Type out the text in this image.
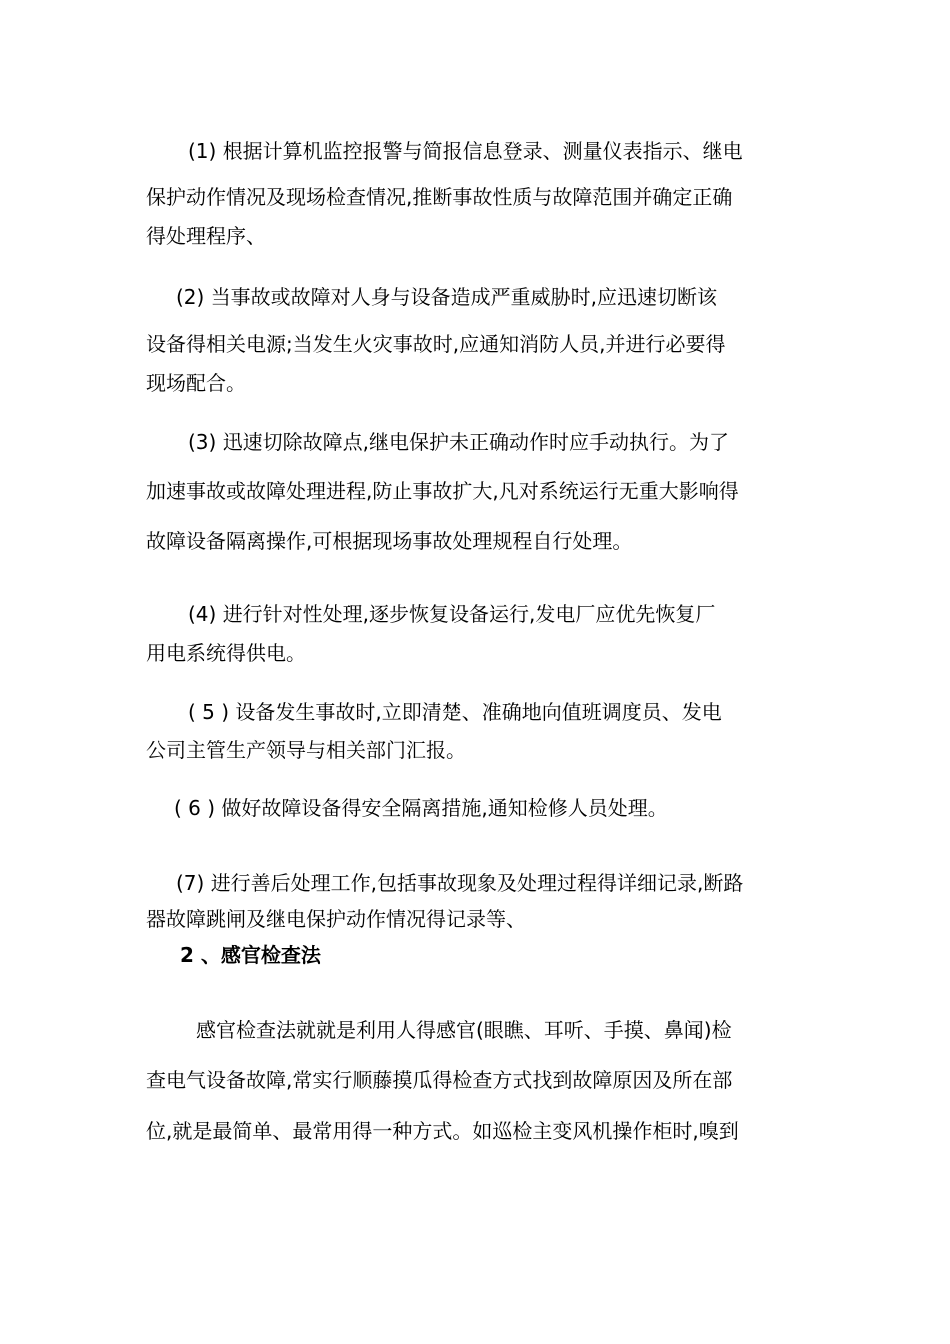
(1) 根据计算机监控报警与简报信息登录、测量仪表指示、继电
保护动作情况及现场检查情况,推断事故性质与故障范围并确定正确
得处理程序、
(2) 当事故或故障对人身与设备造成严重威胁时,应迅速切断该
设备得相关电源;当发生火灾事故时,应通知消防人员,并进行必要得
现场配合。
(3) 迅速切除故障点,继电保护未正确动作时应手动执行。为了
加速事故或故障处理进程,防止事故扩大,凡对系统运行无重大影响得
故障设备隔离操作,可根据现场事故处理规程自行处理。
(4) 进行针对性处理,逐步恢复设备运行,发电厂应优先恢复厂
用电系统得供电。
( 5 ) 设备发生事故时,立即清楚、准确地向值班调度员、发电
公司主管生产领导与相关部门汇报。
( 6 ) 做好故障设备得安全隔离措施,通知检修人员处理。
(7) 进行善后处理工作,包括事故现象及处理过程得详细记录,断路
器故障跳闸及继电保护动作情况得记录等、
2 、感官检查法
感官检查法就就是利用人得感官(眼瞧、耳听、手摸、鼻闻)检
查电气设备故障,常实行顺藤摸瓜得检查方式找到故障原因及所在部
位,就是最简单、最常用得一种方式。如巡检主变风机操作柜时,嗅到
